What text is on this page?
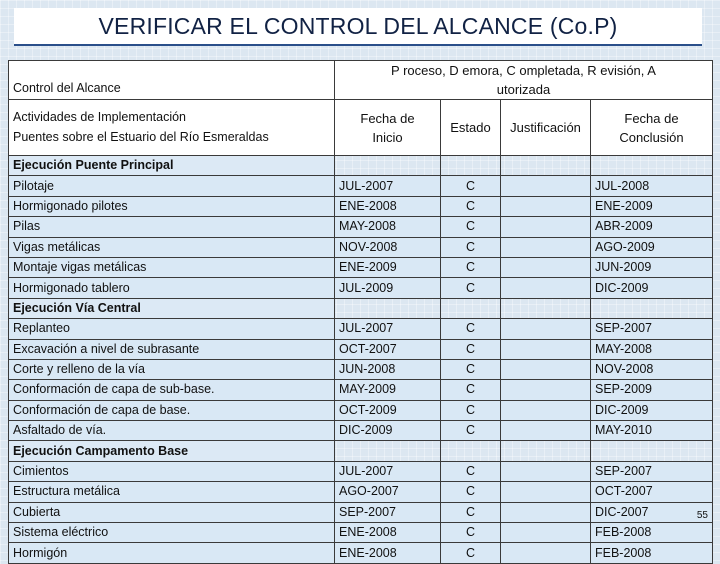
VERIFICAR EL CONTROL DEL ALCANCE (Co.P)
Control del Alcance	P roceso, D emora, C ompletada, R evisión, A utorizada			

Actividades de Implementación
Puentes sobre el Estuario del Río Esmeraldas	Fecha de Inicio	Estado	Justificación	Fecha de Conclusión
Ejecución Puente Principal				
Pilotaje	JUL-2007	C		JUL-2008
Hormigonado pilotes	ENE-2008	C		ENE-2009
Pilas	MAY-2008	C		ABR-2009
Vigas metálicas	NOV-2008	C		AGO-2009
Montaje vigas metálicas	ENE-2009	C		JUN-2009
Hormigonado tablero	JUL-2009	C		DIC-2009
Ejecución Vía Central				
Replanteo	JUL-2007	C		SEP-2007
Excavación a nivel de subrasante	OCT-2007	C		MAY-2008
Corte y relleno de la vía	JUN-2008	C		NOV-2008
Conformación de capa de sub-base.	MAY-2009	C		SEP-2009
Conformación de capa de base.	OCT-2009	C		DIC-2009
Asfaltado de vía.	DIC-2009	C		MAY-2010
Ejecución Campamento Base				
Cimientos	JUL-2007	C		SEP-2007
Estructura metálica	AGO-2007	C		OCT-2007
Cubierta	SEP-2007	C		DIC-2007
Sistema eléctrico	ENE-2008	C		FEB-2008
Hormigón	ENE-2008	C		FEB-2008
55
